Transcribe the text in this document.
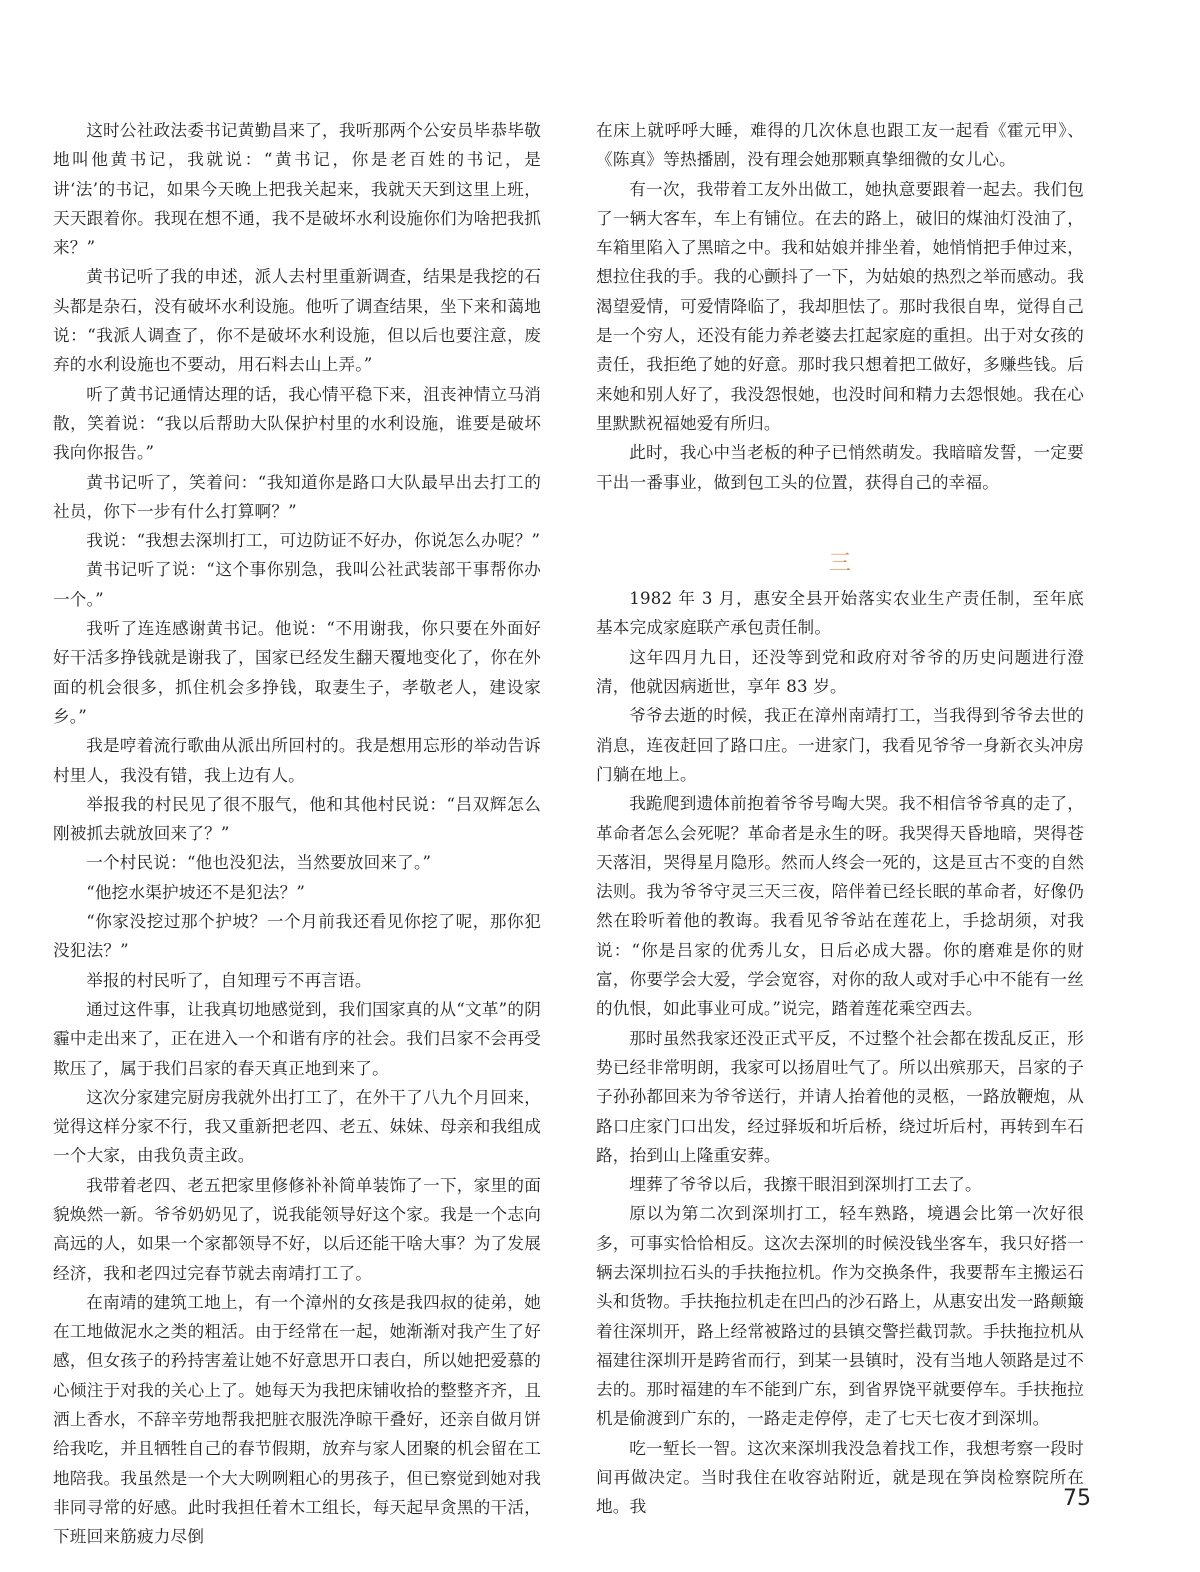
这时公社政法委书记黄勤昌来了，我听那两个公安员毕恭毕敬地叫他黄书记，我就说：“黄书记，你是老百姓的书记，是讲‘法’的书记，如果今天晚上把我关起来，我就天天到这里上班，天天跟着你。我现在想不通，我不是破坏水利设施你们为啥把我抓来？”

黄书记听了我的申述，派人去村里重新调查，结果是我挖的石头都是杂石，没有破坏水利设施。他听了调查结果，坐下来和蔼地说：“我派人调查了，你不是破坏水利设施，但以后也要注意，废弃的水利设施也不要动，用石料去山上弄。”

听了黄书记通情达理的话，我心情平稳下来，沮丧神情立马消散，笑着说：“我以后帮助大队保护村里的水利设施，谁要是破坏我向你报告。”

黄书记听了，笑着问：“我知道你是路口大队最早出去打工的社员，你下一步有什么打算啊？”

我说：“我想去深圳打工，可边防证不好办，你说怎么办呢？”

黄书记听了说：“这个事你别急，我叫公社武装部干事帮你办一个。”

我听了连连感谢黄书记。他说：“不用谢我，你只要在外面好好干活多挣钱就是谢我了，国家已经发生翻天覆地变化了，你在外面的机会很多，抓住机会多挣钱，取妻生子，孝敬老人，建设家乡。”

我是哼着流行歌曲从派出所回村的。我是想用忘形的举动告诉村里人，我没有错，我上边有人。

举报我的村民见了很不服气，他和其他村民说：“吕双辉怎么刚被抓去就放回来了？”

一个村民说：“他也没犯法，当然要放回来了。”

“他挖水渠护坡还不是犯法？”

“你家没挖过那个护坡？一个月前我还看见你挖了呢，那你犯没犯法？”

举报的村民听了，自知理亏不再言语。

通过这件事，让我真切地感觉到，我们国家真的从“文革”的阴霾中走出来了，正在进入一个和谐有序的社会。我们吕家不会再受欺压了，属于我们吕家的春天真正地到来了。

这次分家建完厨房我就外出打工了，在外干了八九个月回来，觉得这样分家不行，我又重新把老四、老五、妹妹、母亲和我组成一个大家，由我负责主政。

我带着老四、老五把家里修修补补简单装饰了一下，家里的面貌焕然一新。爷爷奶奶见了，说我能领导好这个家。我是一个志向高远的人，如果一个家都领导不好，以后还能干啥大事？为了发展经济，我和老四过完春节就去南靖打工了。

在南靖的建筑工地上，有一个漳州的女孩是我四叔的徒弟，她在工地做泥水之类的粗活。由于经常在一起，她渐渐对我产生了好感，但女孩子的矜持害羞让她不好意思开口表白，所以她把爱慕的心倾注于对我的关心上了。她每天为我把床铺收拾的整整齐齐，且洒上香水，不辞辛劳地帮我把脏衣服洗净晾干叠好，还亲自做月饼给我吃，并且牺牲自己的春节假期，放弃与家人团聚的机会留在工地陪我。我虽然是一个大大咧咧粗心的男孩子，但已察觉到她对我非同寻常的好感。此时我担任着木工组长，每天起早贪黑的干活，下班回来筋疲力尽倒

在床上就呼呼大睡，难得的几次休息也跟工友一起看《霍元甲》、《陈真》等热播剧，没有理会她那颗真挚细微的女儿心。

有一次，我带着工友外出做工，她执意要跟着一起去。我们包了一辆大客车，车上有铺位。在去的路上，破旧的煤油灯没油了，车箱里陷入了黑暗之中。我和姑娘并排坐着，她悄悄把手伸过来，想拉住我的手。我的心颤抖了一下，为姑娘的热烈之举而感动。我渴望爱情，可爱情降临了，我却胆怯了。那时我很自卑，觉得自己是一个穷人，还没有能力养老婆去扛起家庭的重担。出于对女孩的责任，我拒绝了她的好意。那时我只想着把工做好，多赚些钱。后来她和别人好了，我没怨恨她，也没时间和精力去怨恨她。我在心里默默祝福她爱有所归。

此时，我心中当老板的种子已悄然萌发。我暗暗发誓，一定要干出一番事业，做到包工头的位置，获得自己的幸福。

三

1982 年 3 月，惠安全县开始落实农业生产责任制，至年底基本完成家庭联产承包责任制。

这年四月九日，还没等到党和政府对爷爷的历史问题进行澄清，他就因病逝世，享年 83 岁。

爷爷去逝的时候，我正在漳州南靖打工，当我得到爷爷去世的消息，连夜赶回了路口庄。一进家门，我看见爷爷一身新衣头冲房门躺在地上。

我跪爬到遗体前抱着爷爷号啕大哭。我不相信爷爷真的走了，革命者怎么会死呢？革命者是永生的呀。我哭得天昏地暗，哭得苍天落泪，哭得星月隐形。然而人终会一死的，这是亘古不变的自然法则。我为爷爷守灵三天三夜，陪伴着已经长眠的革命者，好像仍然在聆听着他的教诲。我看见爷爷站在莲花上，手捻胡须，对我说：“你是吕家的优秀儿女，日后必成大器。你的磨难是你的财富，你要学会大爱，学会宽容，对你的敌人或对手心中不能有一丝的仇恨，如此事业可成。”说完，踏着莲花乘空西去。

那时虽然我家还没正式平反，不过整个社会都在拨乱反正，形势已经非常明朗，我家可以扬眉吐气了。所以出殡那天，吕家的子子孙孙都回来为爷爷送行，并请人抬着他的灵柩，一路放鞭炮，从路口庄家门口出发，经过驿坂和圻后桥，绕过圻后村，再转到车石路，抬到山上隆重安葬。

埋葬了爷爷以后，我擦干眼泪到深圳打工去了。

原以为第二次到深圳打工，轻车熟路，境遇会比第一次好很多，可事实恰恰相反。这次去深圳的时候没钱坐客车，我只好搭一辆去深圳拉石头的手扶拖拉机。作为交换条件，我要帮车主搬运石头和货物。手扶拖拉机走在凹凸的沙石路上，从惠安出发一路颠簸着往深圳开，路上经常被路过的县镇交警拦截罚款。手扶拖拉机从福建往深圳开是跨省而行，到某一县镇时，没有当地人领路是过不去的。那时福建的车不能到广东，到省界饶平就要停车。手扶拖拉机是偷渡到广东的，一路走走停停，走了七天七夜才到深圳。

吃一堑长一智。这次来深圳我没急着找工作，我想考察一段时间再做决定。当时我住在收容站附近，就是现在笋岗检察院所在地。我	75
